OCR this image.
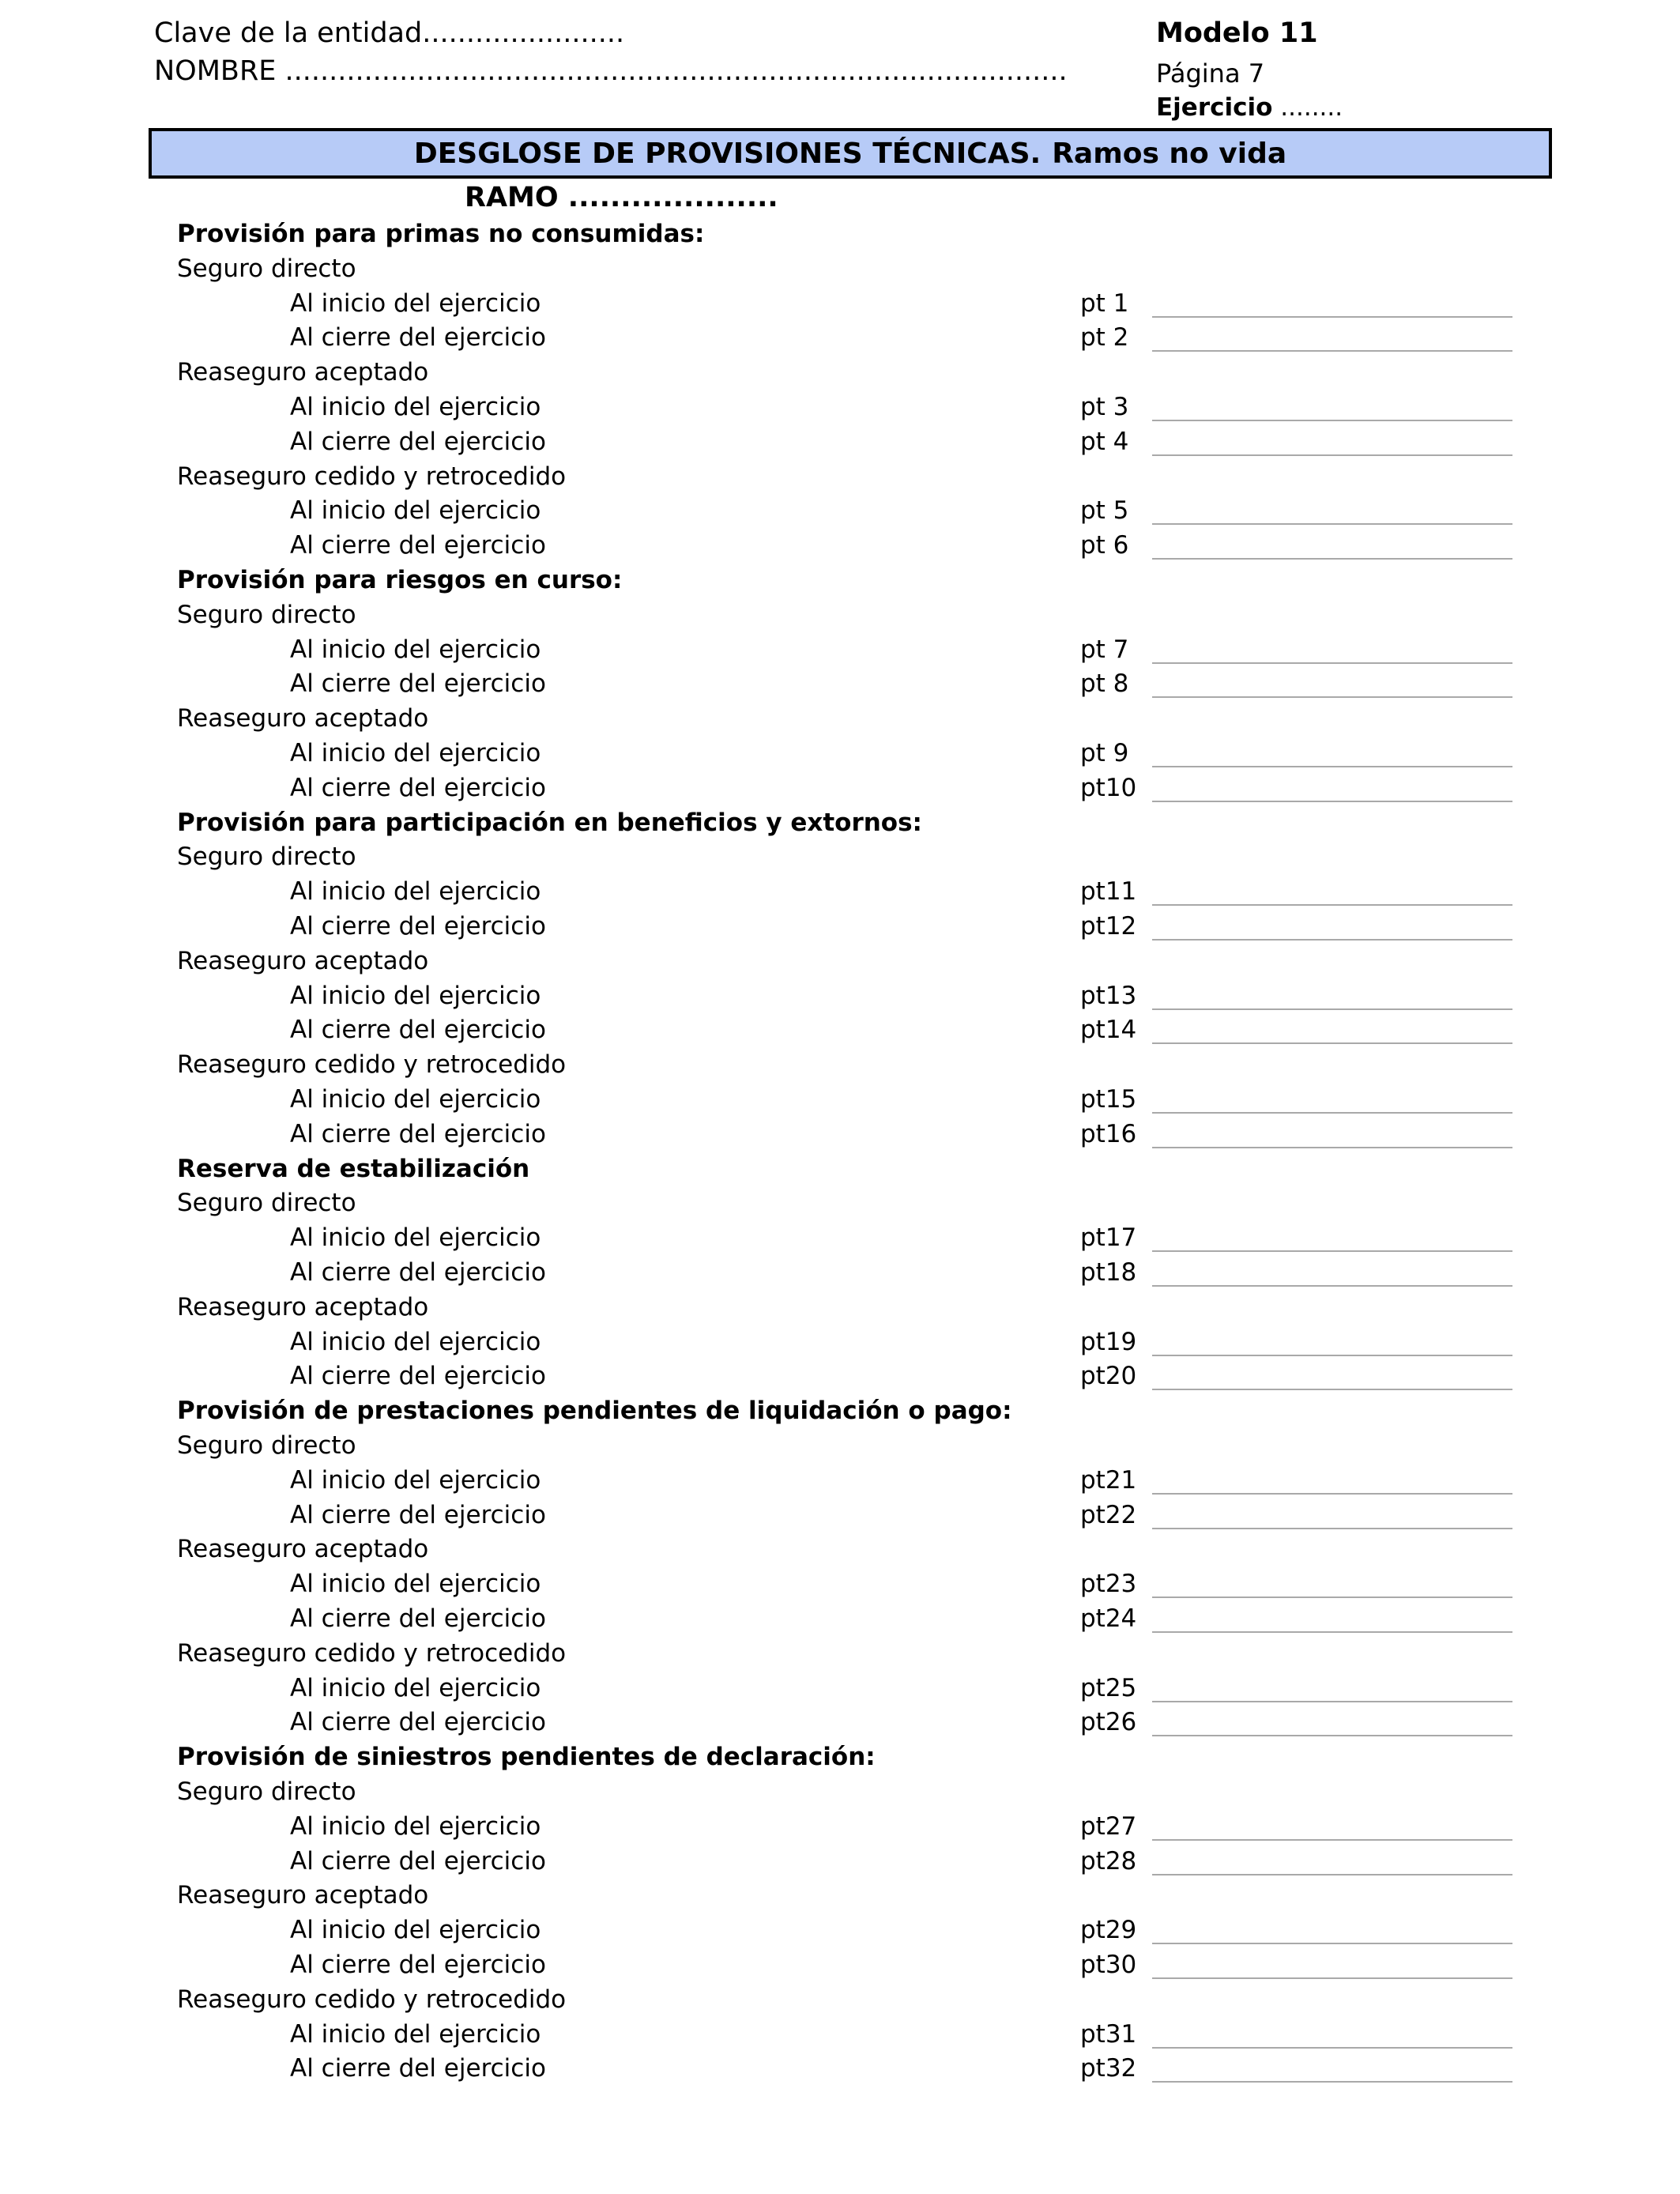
Clave de la entidad.......................
NOMBRE .........................................................................................
Modelo 11
Página 7
Ejercicio ........
DESGLOSE DE PROVISIONES TÉCNICAS. Ramos no vida
RAMO ....................
Provisión para primas no consumidas:
Seguro directo
Al inicio del ejercicio	pt 1
Al cierre del ejercicio	pt 2
Reaseguro aceptado
Al inicio del ejercicio	pt 3
Al cierre del ejercicio	pt 4
Reaseguro cedido y retrocedido
Al inicio del ejercicio	pt 5
Al cierre del ejercicio	pt 6
Provisión para riesgos en curso:
Seguro directo
Al inicio del ejercicio	pt 7
Al cierre del ejercicio	pt 8
Reaseguro aceptado
Al inicio del ejercicio	pt 9
Al cierre del ejercicio	pt10
Provisión para participación en beneficios y extornos:
Seguro directo
Al inicio del ejercicio	pt11
Al cierre del ejercicio	pt12
Reaseguro aceptado
Al inicio del ejercicio	pt13
Al cierre del ejercicio	pt14
Reaseguro cedido y retrocedido
Al inicio del ejercicio	pt15
Al cierre del ejercicio	pt16
Reserva de estabilización
Seguro directo
Al inicio del ejercicio	pt17
Al cierre del ejercicio	pt18
Reaseguro aceptado
Al inicio del ejercicio	pt19
Al cierre del ejercicio	pt20
Provisión de prestaciones pendientes de liquidación o pago:
Seguro directo
Al inicio del ejercicio	pt21
Al cierre del ejercicio	pt22
Reaseguro aceptado
Al inicio del ejercicio	pt23
Al cierre del ejercicio	pt24
Reaseguro cedido y retrocedido
Al inicio del ejercicio	pt25
Al cierre del ejercicio	pt26
Provisión de siniestros pendientes de declaración:
Seguro directo
Al inicio del ejercicio	pt27
Al cierre del ejercicio	pt28
Reaseguro aceptado
Al inicio del ejercicio	pt29
Al cierre del ejercicio	pt30
Reaseguro cedido y retrocedido
Al inicio del ejercicio	pt31
Al cierre del ejercicio	pt32
